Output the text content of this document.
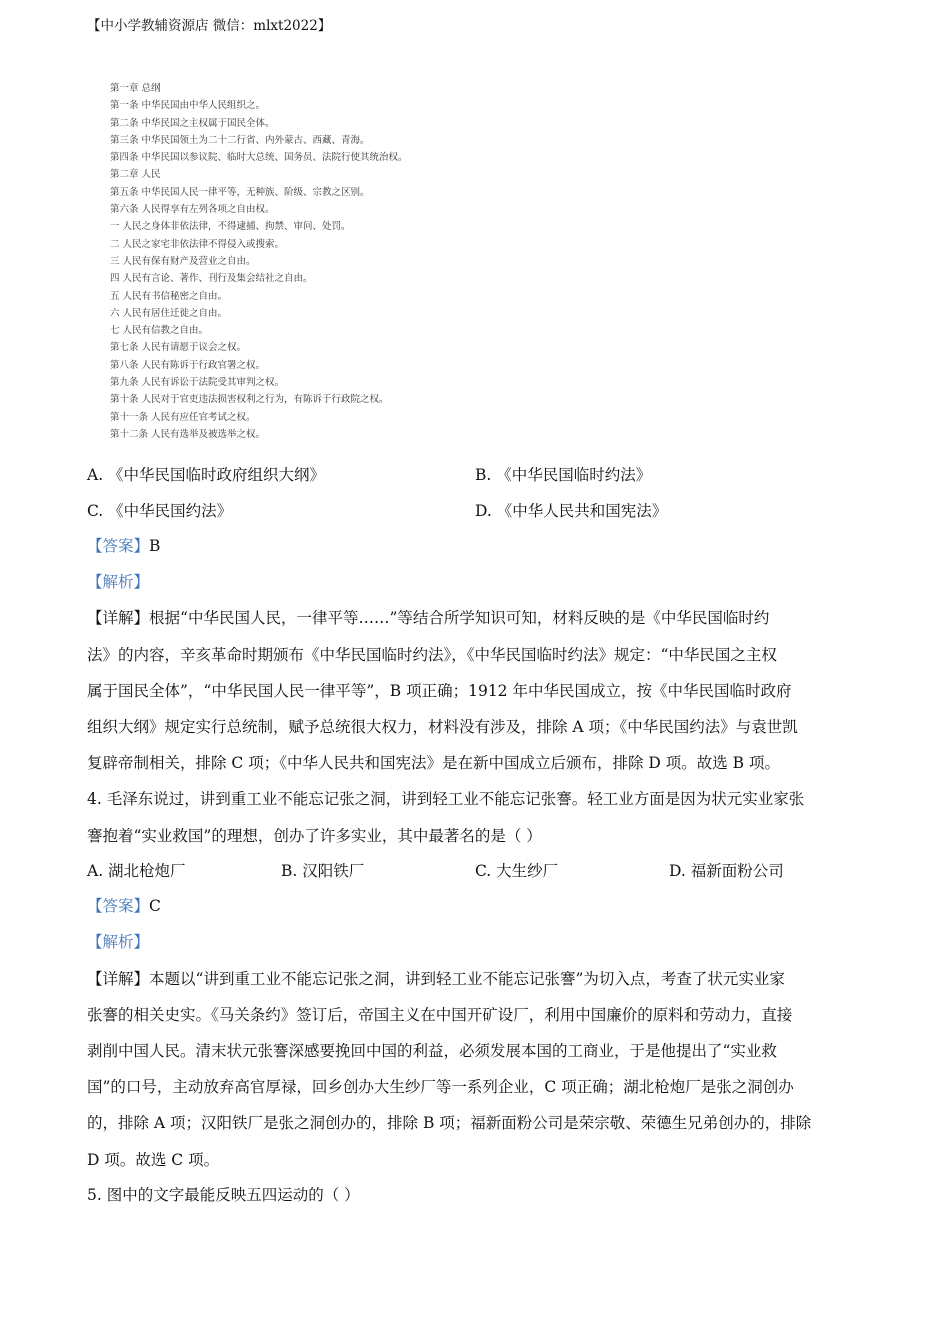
【中小学教辅资源店 微信：mlxt2022】
第一章 总纲
第一条 中华民国由中华人民组织之。
第二条 中华民国之主权属于国民全体。
第三条 中华民国领土为二十二行省、内外蒙古、西藏、青海。
第四条 中华民国以参议院、临时大总统、国务员、法院行使其统治权。
第二章 人民
第五条 中华民国人民一律平等，无种族、阶级、宗教之区别。
第六条 人民得享有左列各项之自由权。
一 人民之身体非依法律，不得逮捕、拘禁、审问、处罚。
二 人民之家宅非依法律不得侵入或搜索。
三 人民有保有财产及营业之自由。
四 人民有言论、著作、刊行及集会结社之自由。
五 人民有书信秘密之自由。
六 人民有居住迁徙之自由。
七 人民有信教之自由。
第七条 人民有请愿于议会之权。
第八条 人民有陈诉于行政官署之权。
第九条 人民有诉讼于法院受其审判之权。
第十条 人民对于官吏违法损害权利之行为，有陈诉于行政院之权。
第十一条 人民有应任官考试之权。
第十二条 人民有选举及被选举之权。
A. 《中华民国临时政府组织大纲》	B. 《中华民国临时约法》
C. 《中华民国约法》	D. 《中华人民共和国宪法》
【答案】B
【解析】
【详解】根据“中华民国人民，一律平等……”等结合所学知识可知，材料反映的是《中华民国临时约
法》的内容，辛亥革命时期颁布《中华民国临时约法》，《中华民国临时约法》规定：“中华民国之主权
属于国民全体”，“中华民国人民一律平等”，B 项正确；1912 年中华民国成立，按《中华民国临时政府
组织大纲》规定实行总统制，赋予总统很大权力，材料没有涉及，排除 A 项；《中华民国约法》与袁世凯
复辟帝制相关，排除 C 项；《中华人民共和国宪法》是在新中国成立后颁布，排除 D 项。故选 B 项。
4. 毛泽东说过，讲到重工业不能忘记张之洞，讲到轻工业不能忘记张謇。轻工业方面是因为状元实业家张
謇抱着“实业救国”的理想，创办了许多实业，其中最著名的是（ ）
A. 湖北枪炮厂	B. 汉阳铁厂	C. 大生纱厂	D. 福新面粉公司
【答案】C
【解析】
【详解】本题以“讲到重工业不能忘记张之洞，讲到轻工业不能忘记张謇”为切入点，考查了状元实业家
张謇的相关史实。《马关条约》签订后，帝国主义在中国开矿设厂，利用中国廉价的原料和劳动力，直接
剥削中国人民。清末状元张謇深感要挽回中国的利益，必须发展本国的工商业，于是他提出了“实业救
国”的口号，主动放弃高官厚禄，回乡创办大生纱厂等一系列企业，C 项正确；湖北枪炮厂是张之洞创办
的，排除 A 项；汉阳铁厂是张之洞创办的，排除 B 项；福新面粉公司是荣宗敬、荣德生兄弟创办的，排除
D 项。故选 C 项。
5. 图中的文字最能反映五四运动的（ ）
